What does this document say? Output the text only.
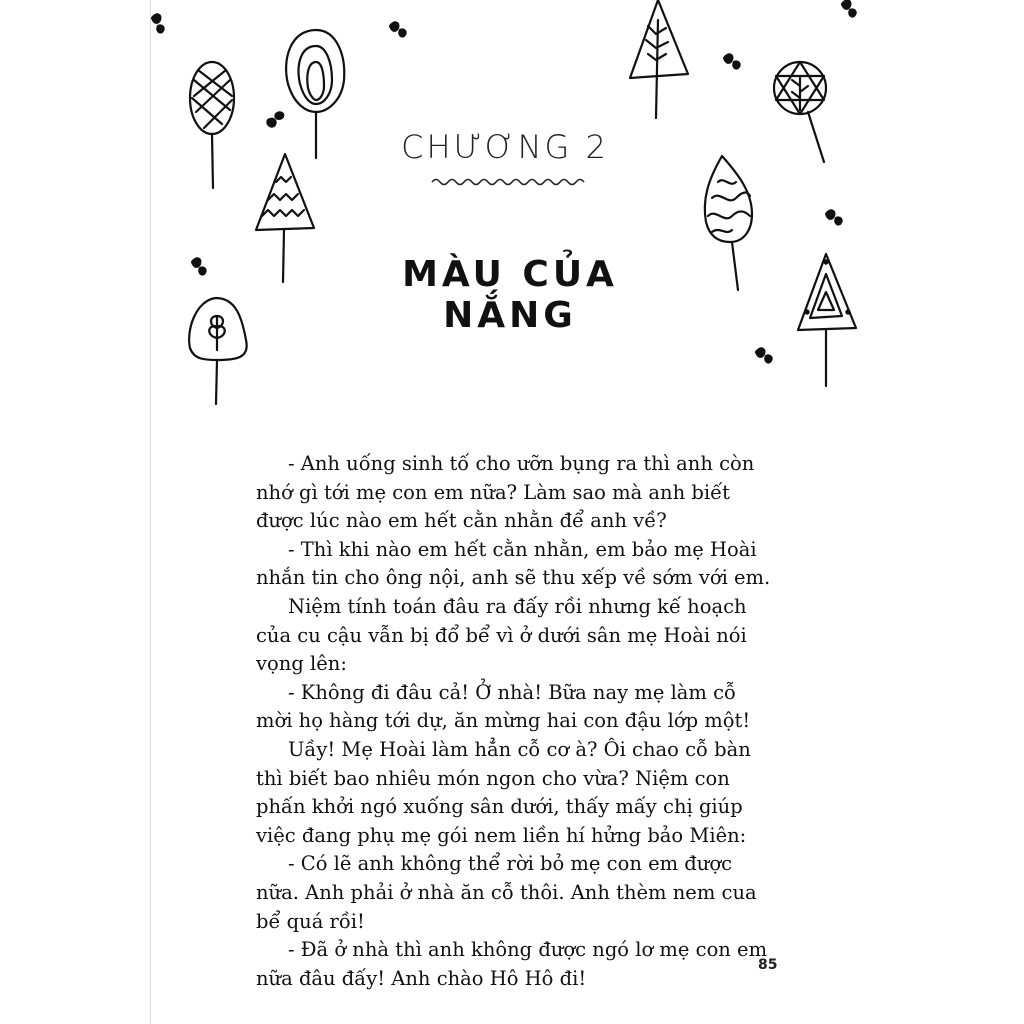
CHƯƠNG 2
MÀU CỦA NẮNG

- Anh uống sinh tố cho ưỡn bụng ra thì anh còn nhớ gì tới mẹ con em nữa? Làm sao mà anh biết được lúc nào em hết cằn nhằn để anh về?

- Thì khi nào em hết cằn nhằn, em bảo mẹ Hoài nhắn tin cho ông nội, anh sẽ thu xếp về sớm với em.

Niệm tính toán đâu ra đấy rồi nhưng kế hoạch của cu cậu vẫn bị đổ bể vì ở dưới sân mẹ Hoài nói vọng lên:

- Không đi đâu cả! Ở nhà! Bữa nay mẹ làm cỗ mời họ hàng tới dự, ăn mừng hai con đậu lớp một!

Uầy! Mẹ Hoài làm hẳn cỗ cơ à? Ôi chao cỗ bàn thì biết bao nhiêu món ngon cho vừa? Niệm con phấn khởi ngó xuống sân dưới, thấy mấy chị giúp việc đang phụ mẹ gói nem liền hí hửng bảo Miên:

- Có lẽ anh không thể rời bỏ mẹ con em được nữa. Anh phải ở nhà ăn cỗ thôi. Anh thèm nem cua bể quá rồi!

- Đã ở nhà thì anh không được ngó lơ mẹ con em nữa đâu đấy! Anh chào Hô Hô đi!

85
